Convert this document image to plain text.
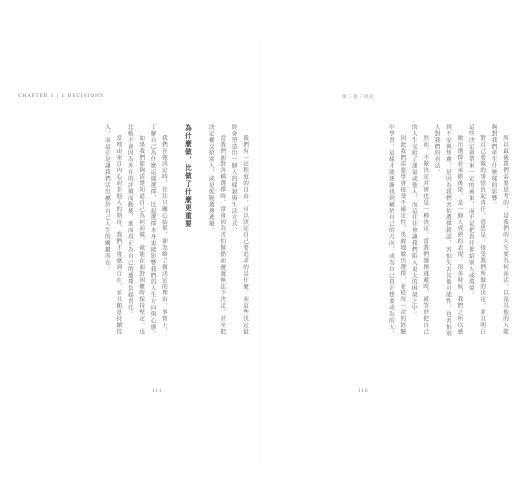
CHAPTER 1 | 1 DECISIONS

我們有一定程度的自由，可以決定自己要追求的是什麼，而這些決定最終會塑造出一個人的樣貌與生活方式。

當我們面對各種選擇時，常會因為害怕做錯而遲遲無法下決定，甚至把決定權交給別人，或是乾脆選擇逃避。

為什麼做，比做了什麼更重要

我們在做決定時，往往只關心結果，卻忽略了做決定的理由。事實上，了解自己為什麼這樣選擇，比起選擇本身更能影響我們的人生方向與心態。

如果我們能夠清楚知道自己為何而做，就能在面對困難時保持堅定，也比較不會因為外在的評價而動搖，進而真正為自己的選擇負起責任。

當理由來自內心而非他人的期待，我們才會感到自在，並且願意持續投入，而這正是讓我們活出屬於自己人生的關鍵所在。

111
第三章｜決定

所以最後我們需要思考的，是我們的人生要為何而活，以及其他的人能夠對我們產生什麼樣的影響。

對自己要做的事情負起責任，意思是：接受我們所做的決定，並且明白這些決定會帶來一定的後果，而不是把責任推給別人或環境。

做出選擇並承擔後果，是一個人成熟的表現。很多時候，我們之所以感到不安與焦慮，是因為我們害怕選擇錯誤，害怕失去其他可能性，也害怕別人對我們的看法。

然而，不做決定其實也是一種決定。當我們選擇逃避時，就等於把自己的人生交給了運氣或他人，而這往往會讓我們陷入更大的困境之中。

因此我們需要學會接受不確定性，勇敢地做出選擇，並從每一次的經驗中學習，這樣才能逐漸找到屬於自己的方向，成為自己真正想要成為的人。

118
